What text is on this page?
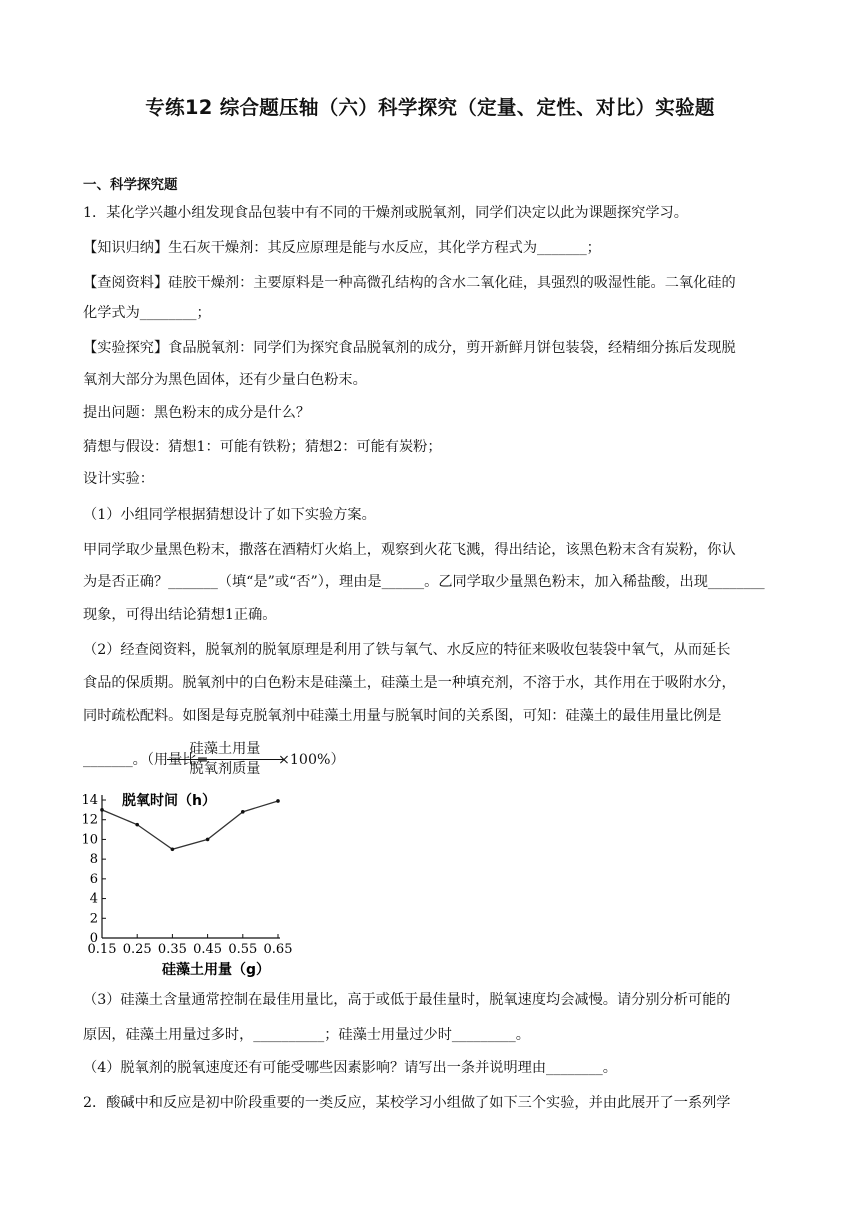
专练12 综合题压轴（六）科学探究（定量、定性、对比）实验题
一、科学探究题
1．某化学兴趣小组发现食品包装中有不同的干燥剂或脱氧剂，同学们决定以此为课题探究学习。
【知识归纳】生石灰干燥剂：其反应原理是能与水反应，其化学方程式为_______；
【查阅资料】硅胶干燥剂：主要原料是一种高微孔结构的含水二氧化硅，具强烈的吸湿性能。二氧化硅的
化学式为________；
【实验探究】食品脱氧剂：同学们为探究食品脱氧剂的成分，剪开新鲜月饼包装袋，经精细分拣后发现脱
氧剂大部分为黑色固体，还有少量白色粉末。
提出问题：黑色粉末的成分是什么？
猜想与假设：猜想1：可能有铁粉；猜想2：可能有炭粉；
设计实验：
（1）小组同学根据猜想设计了如下实验方案。
甲同学取少量黑色粉末，撒落在酒精灯火焰上，观察到火花飞溅，得出结论，该黑色粉末含有炭粉，你认
为是否正确？_______（填“是”或“否”），理由是______。乙同学取少量黑色粉末，加入稀盐酸，出现________
现象，可得出结论猜想1正确。
（2）经查阅资料，脱氧剂的脱氧原理是利用了铁与氧气、水反应的特征来吸收包装袋中氧气，从而延长
食品的保质期。脱氧剂中的白色粉末是硅藻土，硅藻土是一种填充剂，不溶于水，其作用在于吸附水分，
同时疏松配料。如图是每克脱氧剂中硅藻土用量与脱氧时间的关系图，可知：硅藻土的最佳用量比例是
_______。（用量比=
硅藻土用量
脱氧剂质量
×100%）
0
2
4
6
8
10
12
14
0.15 0.25 0.35 0.45 0.55 0.65
脱氧时间（h）
硅藻土用量（g）
（3）硅藻土含量通常控制在最佳用量比，高于或低于最佳量时，脱氧速度均会减慢。请分别分析可能的
原因，硅藻土用量过多时，__________；硅藻士用量过少时_________。
（4）脱氧剂的脱氧速度还有可能受哪些因素影响？请写出一条并说明理由________。
2．酸碱中和反应是初中阶段重要的一类反应，某校学习小组做了如下三个实验，并由此展开了一系列学
